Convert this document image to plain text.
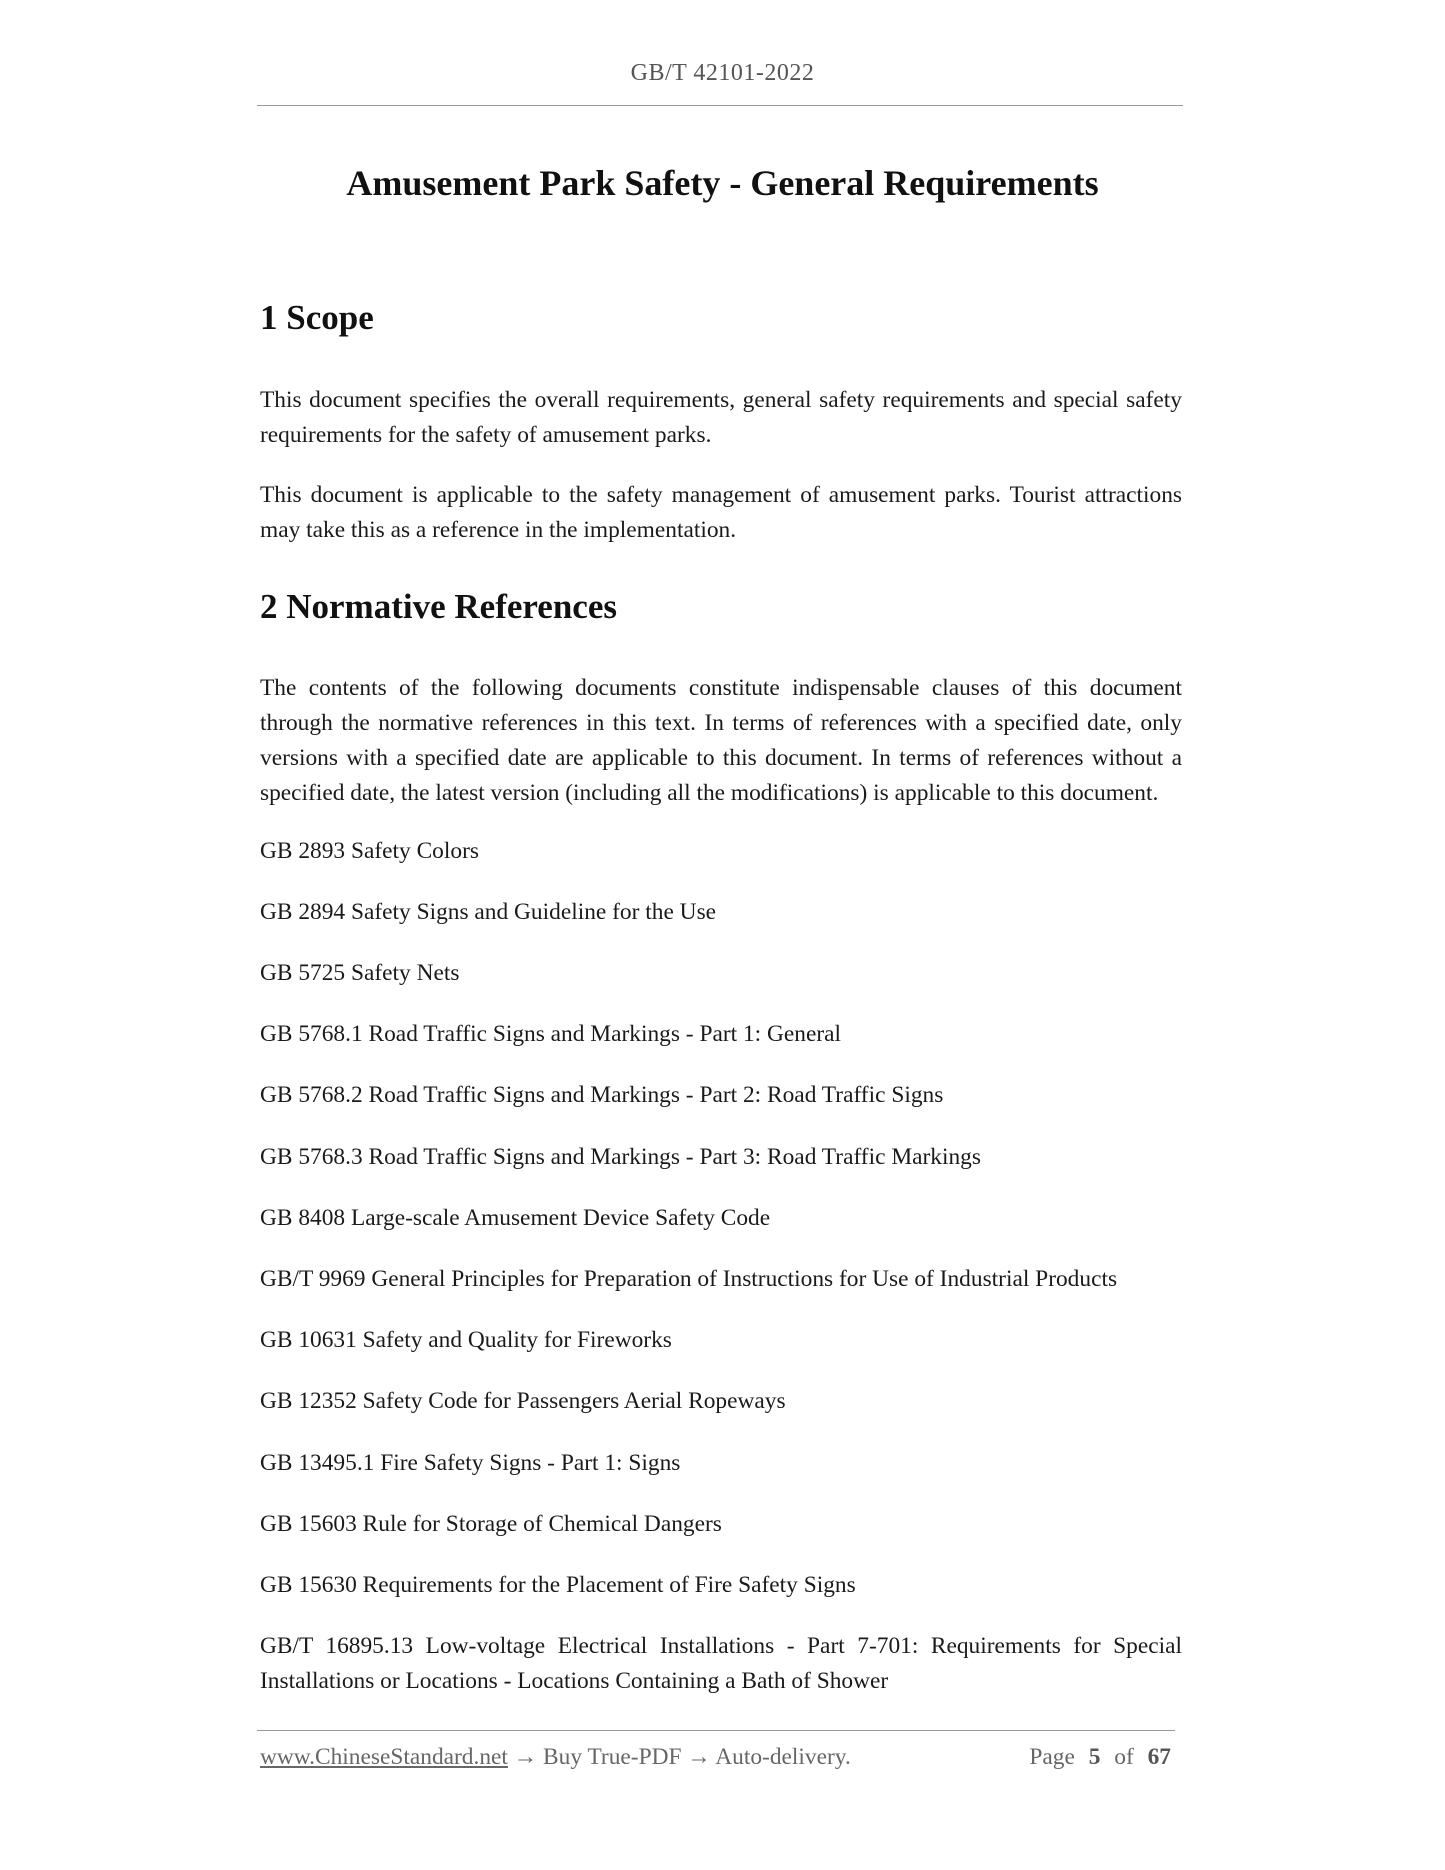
GB/T 42101-2022
Amusement Park Safety - General Requirements
1 Scope
This document specifies the overall requirements, general safety requirements and special safety requirements for the safety of amusement parks.
This document is applicable to the safety management of amusement parks. Tourist attractions may take this as a reference in the implementation.
2 Normative References
The contents of the following documents constitute indispensable clauses of this document through the normative references in this text. In terms of references with a specified date, only versions with a specified date are applicable to this document. In terms of references without a specified date, the latest version (including all the modifications) is applicable to this document.
GB 2893 Safety Colors
GB 2894 Safety Signs and Guideline for the Use
GB 5725 Safety Nets
GB 5768.1 Road Traffic Signs and Markings - Part 1: General
GB 5768.2 Road Traffic Signs and Markings - Part 2: Road Traffic Signs
GB 5768.3 Road Traffic Signs and Markings - Part 3: Road Traffic Markings
GB 8408 Large-scale Amusement Device Safety Code
GB/T 9969 General Principles for Preparation of Instructions for Use of Industrial Products
GB 10631 Safety and Quality for Fireworks
GB 12352 Safety Code for Passengers Aerial Ropeways
GB 13495.1 Fire Safety Signs - Part 1: Signs
GB 15603 Rule for Storage of Chemical Dangers
GB 15630 Requirements for the Placement of Fire Safety Signs
GB/T 16895.13 Low-voltage Electrical Installations - Part 7-701: Requirements for Special Installations or Locations - Locations Containing a Bath of Shower
www.ChineseStandard.net → Buy True-PDF → Auto-delivery.	Page 5 of 67
